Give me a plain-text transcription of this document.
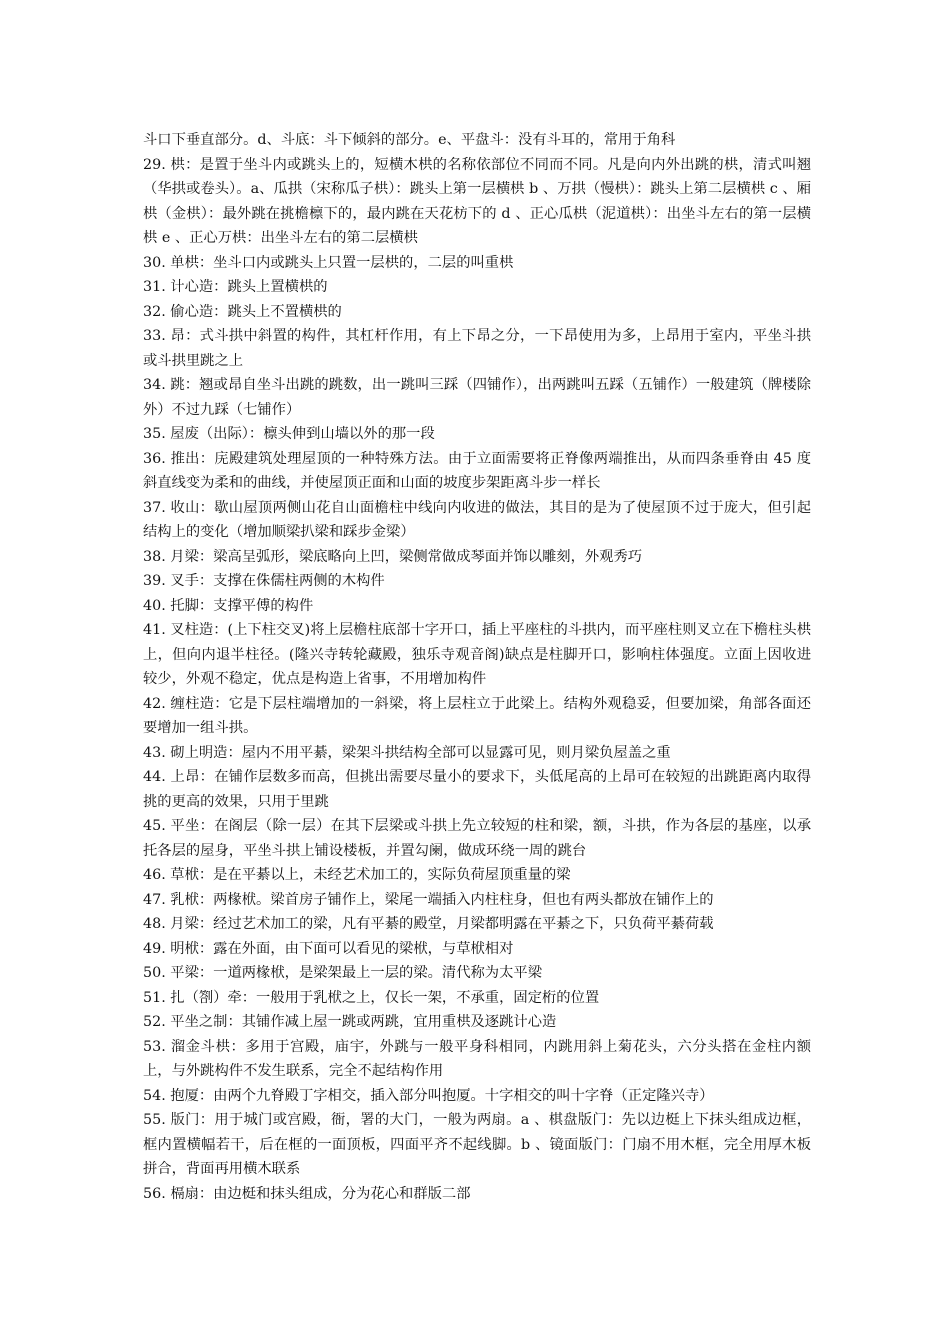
斗口下垂直部分。d、斗底：斗下倾斜的部分。e、平盘斗：没有斗耳的，常用于角科

29. 栱：是置于坐斗内或跳头上的，短横木栱的名称依部位不同而不同。凡是向内外出跳的栱，清式叫翘（华拱或卷头）。a、瓜拱（宋称瓜子栱）：跳头上第一层横栱 b 、万拱（慢栱）：跳头上第二层横栱 c 、厢栱（金栱）：最外跳在挑檐檩下的，最内跳在天花枋下的 d 、正心瓜栱（泥道栱）：出坐斗左右的第一层横栱 e 、正心万栱：出坐斗左右的第二层横栱

30. 单栱：坐斗口内或跳头上只置一层栱的，二层的叫重栱

31. 计心造：跳头上置横栱的

32. 偷心造：跳头上不置横栱的

33. 昂：式斗拱中斜置的构件，其杠杆作用，有上下昂之分，一下昂使用为多，上昂用于室内，平坐斗拱或斗拱里跳之上

34. 跳：翘或昂自坐斗出跳的跳数，出一跳叫三踩（四铺作），出两跳叫五踩（五铺作）一般建筑（牌楼除外）不过九踩（七铺作）

35. 屋废（出际）：檩头伸到山墙以外的那一段

36. 推出：庑殿建筑处理屋顶的一种特殊方法。由于立面需要将正脊像两端推出，从而四条垂脊由 45 度斜直线变为柔和的曲线，并使屋顶正面和山面的坡度步架距离斗步一样长

37. 收山：歇山屋顶两侧山花自山面檐柱中线向内收进的做法，其目的是为了使屋顶不过于庞大，但引起结构上的变化（增加顺梁扒梁和踩步金梁）

38. 月梁：梁高呈弧形，梁底略向上凹，梁侧常做成琴面并饰以雕刻，外观秀巧

39. 叉手：支撑在侏儒柱两侧的木构件

40. 托脚：支撑平傅的构件

41. 叉柱造：(上下柱交叉)将上层檐柱底部十字开口，插上平座柱的斗拱内，而平座柱则叉立在下檐柱头栱上，但向内退半柱径。(隆兴寺转轮藏殿，独乐寺观音阁)缺点是柱脚开口，影响柱体强度。立面上因收进较少，外观不稳定，优点是构造上省事，不用增加构件

42. 缠柱造：它是下层柱端增加的一斜梁，将上层柱立于此梁上。结构外观稳妥，但要加梁，角部各面还要增加一组斗拱。

43. 砌上明造：屋内不用平綦，梁架斗拱结构全部可以显露可见，则月梁负屋盖之重

44. 上昂：在铺作层数多而高，但挑出需要尽量小的要求下，头低尾高的上昂可在较短的出跳距离内取得挑的更高的效果，只用于里跳

45. 平坐：在阁层（除一层）在其下层梁或斗拱上先立较短的柱和梁，额，斗拱，作为各层的基座，以承托各层的屋身，平坐斗拱上铺设楼板，并置勾阑，做成环绕一周的跳台

46. 草栿：是在平綦以上，未经艺术加工的，实际负荷屋顶重量的梁

47. 乳栿：两椽栿。梁首房子铺作上，梁尾一端插入内柱柱身，但也有两头都放在铺作上的

48. 月梁：经过艺术加工的梁，凡有平綦的殿堂，月梁都明露在平綦之下，只负荷平綦荷载

49. 明栿：露在外面，由下面可以看见的梁栿，与草栿相对

50. 平梁：一道两椽栿，是梁架最上一层的梁。清代称为太平梁

51. 扎（劄）牵：一般用于乳栿之上，仅长一架，不承重，固定桁的位置

52. 平坐之制：其铺作减上屋一跳或两跳，宜用重栱及逐跳计心造

53. 溜金斗栱：多用于宫殿，庙宇，外跳与一般平身科相同，内跳用斜上菊花头，六分头搭在金柱内额上，与外跳构件不发生联系，完全不起结构作用

54. 抱厦：由两个九脊殿丁字相交，插入部分叫抱厦。十字相交的叫十字脊（正定隆兴寺）

55. 版门：用于城门或宫殿，衙，署的大门，一般为两扇。a 、棋盘版门：先以边梃上下抹头组成边框，框内置横幅若干，后在框的一面顶板，四面平齐不起线脚。b 、镜面版门：门扇不用木框，完全用厚木板拼合，背面再用横木联系

56. 槅扇：由边梃和抹头组成，分为花心和群版二部
